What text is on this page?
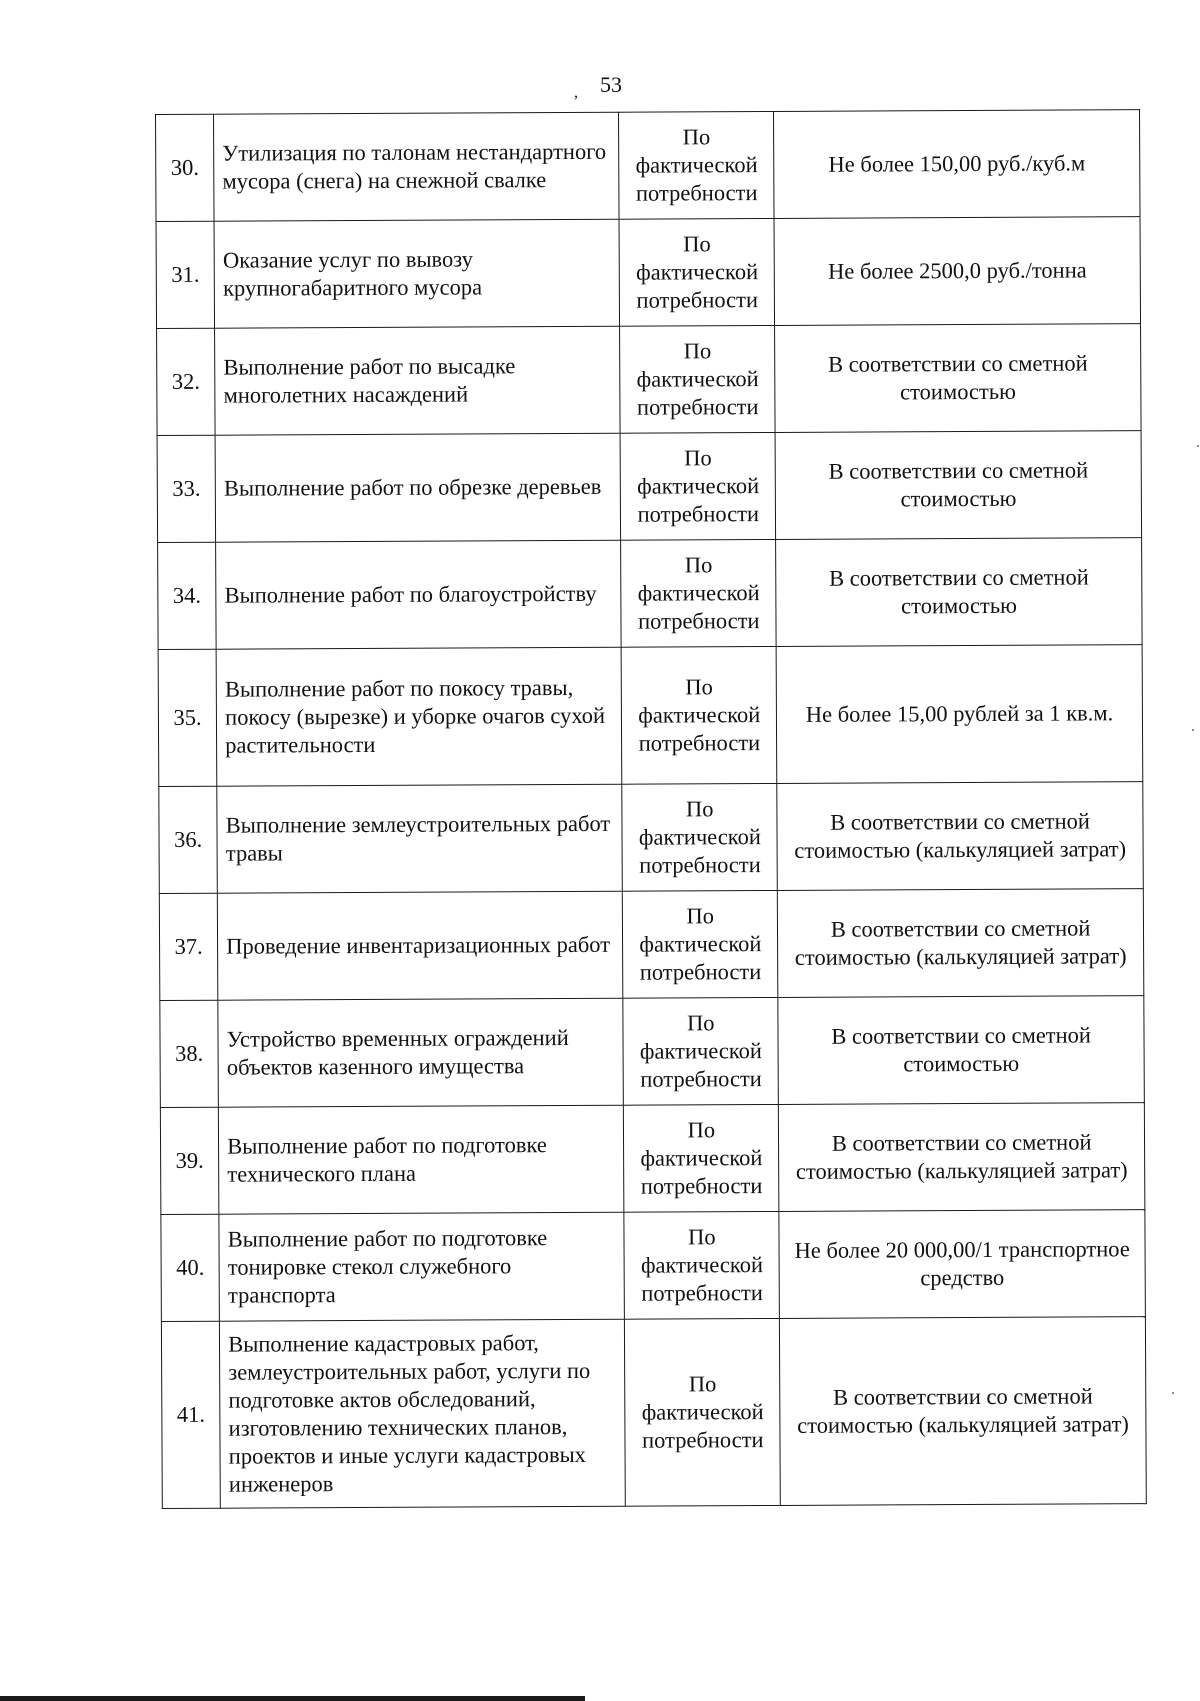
, 53
30.	Утилизация по талонам нестандартного мусора (снега) на снежной свалке	По фактической потребности	Не более 150,00 руб./куб.м
31.	Оказание услуг по вывозу крупногабаритного мусора	По фактической потребности	Не более 2500,0 руб./тонна
32.	Выполнение работ по высадке многолетних насаждений	По фактической потребности	В соответствии со сметной стоимостью
33.	Выполнение работ по обрезке деревьев	По фактической потребности	В соответствии со сметной стоимостью
34.	Выполнение работ по благоустройству	По фактической потребности	В соответствии со сметной стоимостью
35.	Выполнение работ по покосу травы, покосу (вырезке) и уборке очагов сухой растительности	По фактической потребности	Не более 15,00 рублей за 1 кв.м.
36.	Выполнение землеустроительных работ травы	По фактической потребности	В соответствии со сметной стоимостью (калькуляцией затрат)
37.	Проведение инвентаризационных работ	По фактической потребности	В соответствии со сметной стоимостью (калькуляцией затрат)
38.	Устройство временных ограждений объектов казенного имущества	По фактической потребности	В соответствии со сметной стоимостью
39.	Выполнение работ по подготовке технического плана	По фактической потребности	В соответствии со сметной стоимостью (калькуляцией затрат)
40.	Выполнение работ по подготовке тонировке стекол служебного транспорта	По фактической потребности	Не более 20 000,00/1 транспортное средство
41.	Выполнение кадастровых работ, землеустроительных работ, услуги по подготовке актов обследований, изготовлению технических планов, проектов и иные услуги кадастровых инженеров	По фактической потребности	В соответствии со сметной стоимостью (калькуляцией затрат)
